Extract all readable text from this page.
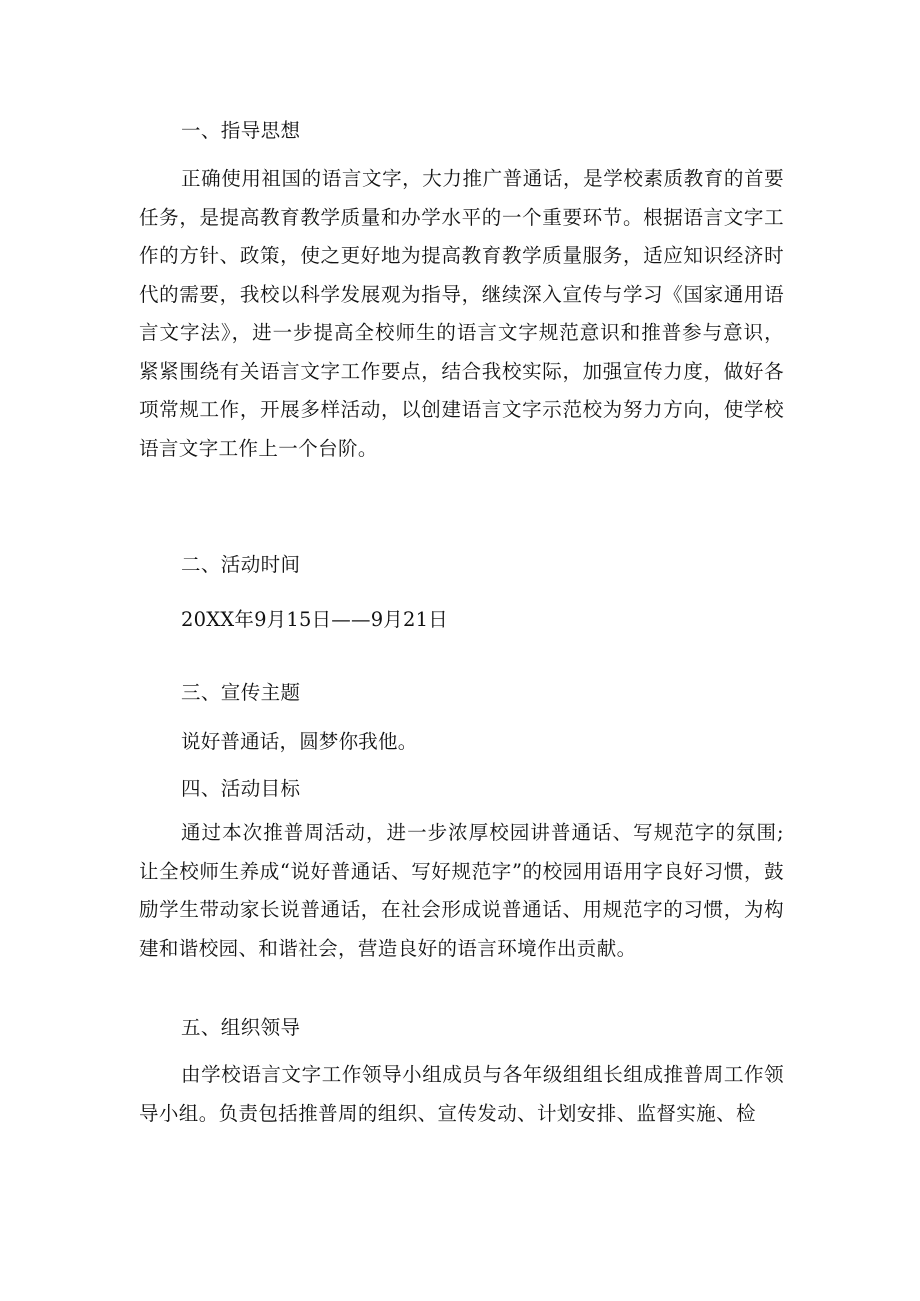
一、指导思想
正确使用祖国的语言文字，大力推广普通话，是学校素质教育的首要任务，是提高教育教学质量和办学水平的一个重要环节。根据语言文字工作的方针、政策，使之更好地为提高教育教学质量服务，适应知识经济时代的需要，我校以科学发展观为指导，继续深入宣传与学习《国家通用语言文字法》，进一步提高全校师生的语言文字规范意识和推普参与意识，紧紧围绕有关语言文字工作要点，结合我校实际，加强宣传力度，做好各项常规工作，开展多样活动，以创建语言文字示范校为努力方向，使学校语言文字工作上一个台阶。
二、活动时间
20XX年9月15日——9月21日
三、宣传主题
说好普通话，圆梦你我他。
四、活动目标
通过本次推普周活动，进一步浓厚校园讲普通话、写规范字的氛围;让全校师生养成“说好普通话、写好规范字”的校园用语用字良好习惯，鼓励学生带动家长说普通话，在社会形成说普通话、用规范字的习惯，为构建和谐校园、和谐社会，营造良好的语言环境作出贡献。
五、组织领导
由学校语言文字工作领导小组成员与各年级组组长组成推普周工作领导小组。负责包括推普周的组织、宣传发动、计划安排、监督实施、检
